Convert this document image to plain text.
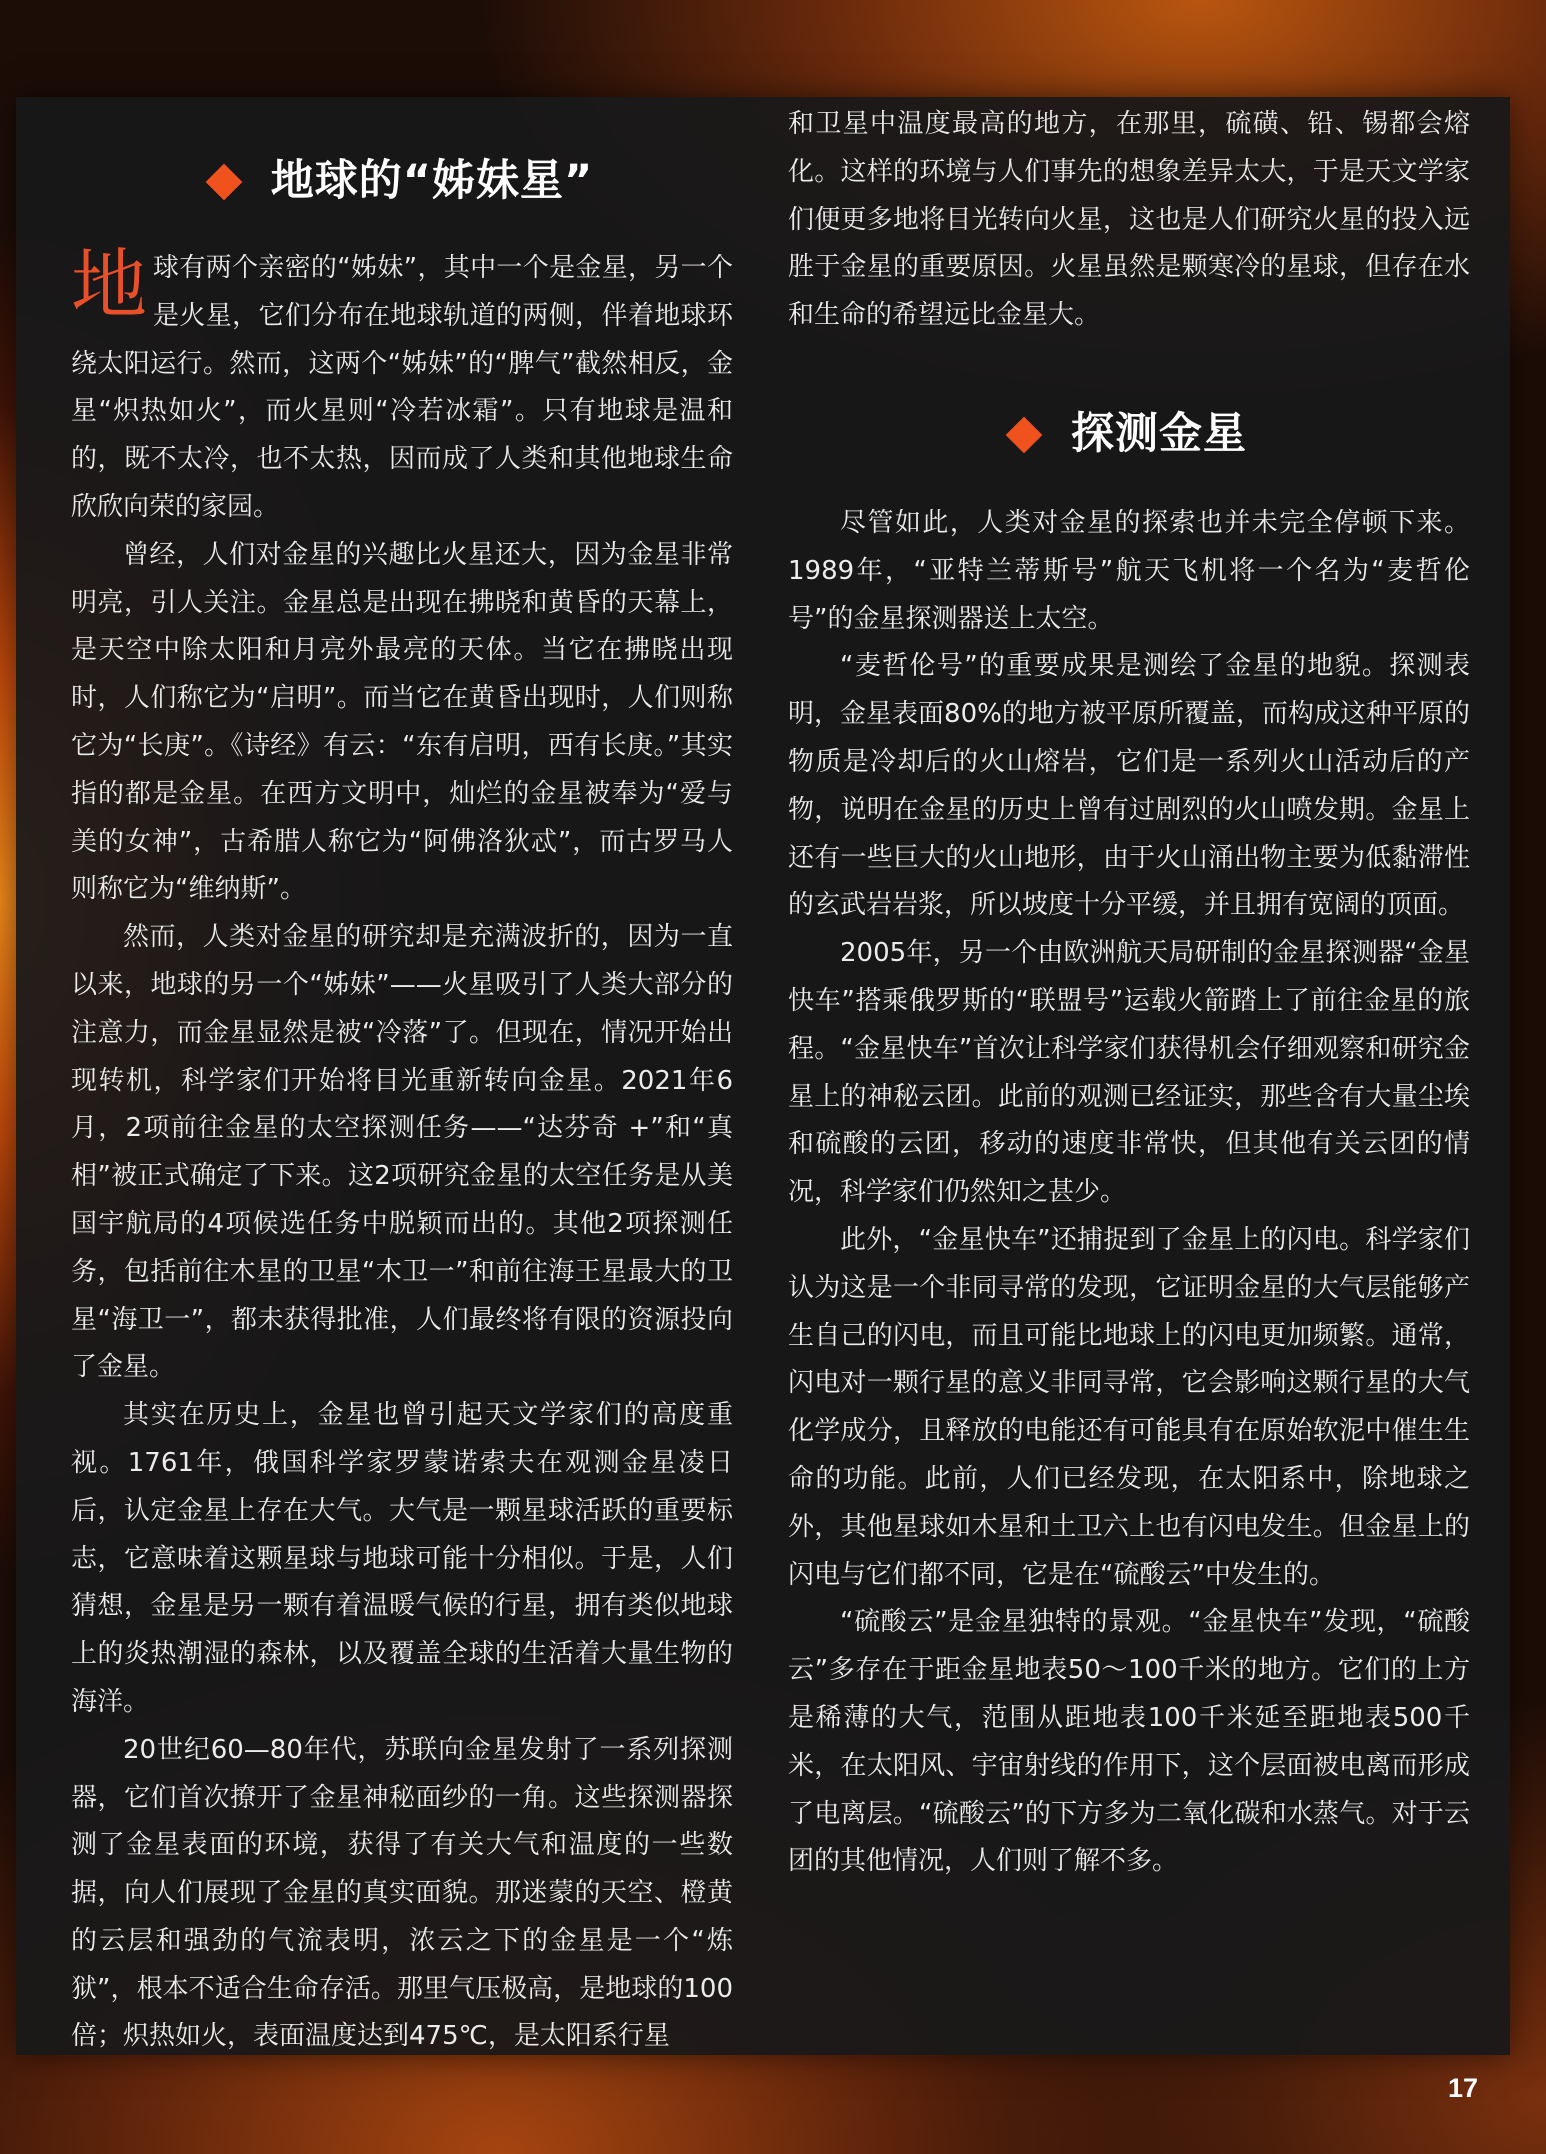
地球的“姊妹星”

地球有两个亲密的“姊妹”，其中一个是金星，另一个是火星，它们分布在地球轨道的两侧，伴着地球环绕太阳运行。然而，这两个“姊妹”的“脾气”截然相反，金星“炽热如火”，而火星则“冷若冰霜”。只有地球是温和的，既不太冷，也不太热，因而成了人类和其他地球生命欣欣向荣的家园。

曾经，人们对金星的兴趣比火星还大，因为金星非常明亮，引人关注。金星总是出现在拂晓和黄昏的天幕上，是天空中除太阳和月亮外最亮的天体。当它在拂晓出现时，人们称它为“启明”。而当它在黄昏出现时，人们则称它为“长庚”。《诗经》有云：“东有启明，西有长庚。”其实指的都是金星。在西方文明中，灿烂的金星被奉为“爱与美的女神”，古希腊人称它为“阿佛洛狄忒”，而古罗马人则称它为“维纳斯”。

然而，人类对金星的研究却是充满波折的，因为一直以来，地球的另一个“姊妹”——火星吸引了人类大部分的注意力，而金星显然是被“冷落”了。但现在，情况开始出现转机，科学家们开始将目光重新转向金星。2021年6月，2项前往金星的太空探测任务——“达芬奇 +”和“真相”被正式确定了下来。这2项研究金星的太空任务是从美国宇航局的4项候选任务中脱颖而出的。其他2项探测任务，包括前往木星的卫星“木卫一”和前往海王星最大的卫星“海卫一”，都未获得批准，人们最终将有限的资源投向了金星。

其实在历史上，金星也曾引起天文学家们的高度重视。1761年，俄国科学家罗蒙诺索夫在观测金星凌日后，认定金星上存在大气。大气是一颗星球活跃的重要标志，它意味着这颗星球与地球可能十分相似。于是，人们猜想，金星是另一颗有着温暖气候的行星，拥有类似地球上的炎热潮湿的森林，以及覆盖全球的生活着大量生物的海洋。

20世纪60—80年代，苏联向金星发射了一系列探测器，它们首次撩开了金星神秘面纱的一角。这些探测器探测了金星表面的环境，获得了有关大气和温度的一些数据，向人们展现了金星的真实面貌。那迷蒙的天空、橙黄的云层和强劲的气流表明，浓云之下的金星是一个“炼狱”，根本不适合生命存活。那里气压极高，是地球的100倍；炽热如火，表面温度达到475℃，是太阳系行星

和卫星中温度最高的地方，在那里，硫磺、铅、锡都会熔化。这样的环境与人们事先的想象差异太大，于是天文学家们便更多地将目光转向火星，这也是人们研究火星的投入远胜于金星的重要原因。火星虽然是颗寒冷的星球，但存在水和生命的希望远比金星大。

探测金星

尽管如此，人类对金星的探索也并未完全停顿下来。1989年，“亚特兰蒂斯号”航天飞机将一个名为“麦哲伦号”的金星探测器送上太空。

“麦哲伦号”的重要成果是测绘了金星的地貌。探测表明，金星表面80%的地方被平原所覆盖，而构成这种平原的物质是冷却后的火山熔岩，它们是一系列火山活动后的产物，说明在金星的历史上曾有过剧烈的火山喷发期。金星上还有一些巨大的火山地形，由于火山涌出物主要为低黏滞性的玄武岩岩浆，所以坡度十分平缓，并且拥有宽阔的顶面。

2005年，另一个由欧洲航天局研制的金星探测器“金星快车”搭乘俄罗斯的“联盟号”运载火箭踏上了前往金星的旅程。“金星快车”首次让科学家们获得机会仔细观察和研究金星上的神秘云团。此前的观测已经证实，那些含有大量尘埃和硫酸的云团，移动的速度非常快，但其他有关云团的情况，科学家们仍然知之甚少。

此外，“金星快车”还捕捉到了金星上的闪电。科学家们认为这是一个非同寻常的发现，它证明金星的大气层能够产生自己的闪电，而且可能比地球上的闪电更加频繁。通常，闪电对一颗行星的意义非同寻常，它会影响这颗行星的大气化学成分，且释放的电能还有可能具有在原始软泥中催生生命的功能。此前，人们已经发现，在太阳系中，除地球之外，其他星球如木星和土卫六上也有闪电发生。但金星上的闪电与它们都不同，它是在“硫酸云”中发生的。

“硫酸云”是金星独特的景观。“金星快车”发现，“硫酸云”多存在于距金星地表50～100千米的地方。它们的上方是稀薄的大气，范围从距地表100千米延至距地表500千米，在太阳风、宇宙射线的作用下，这个层面被电离而形成了电离层。“硫酸云”的下方多为二氧化碳和水蒸气。对于云团的其他情况，人们则了解不多。

17
